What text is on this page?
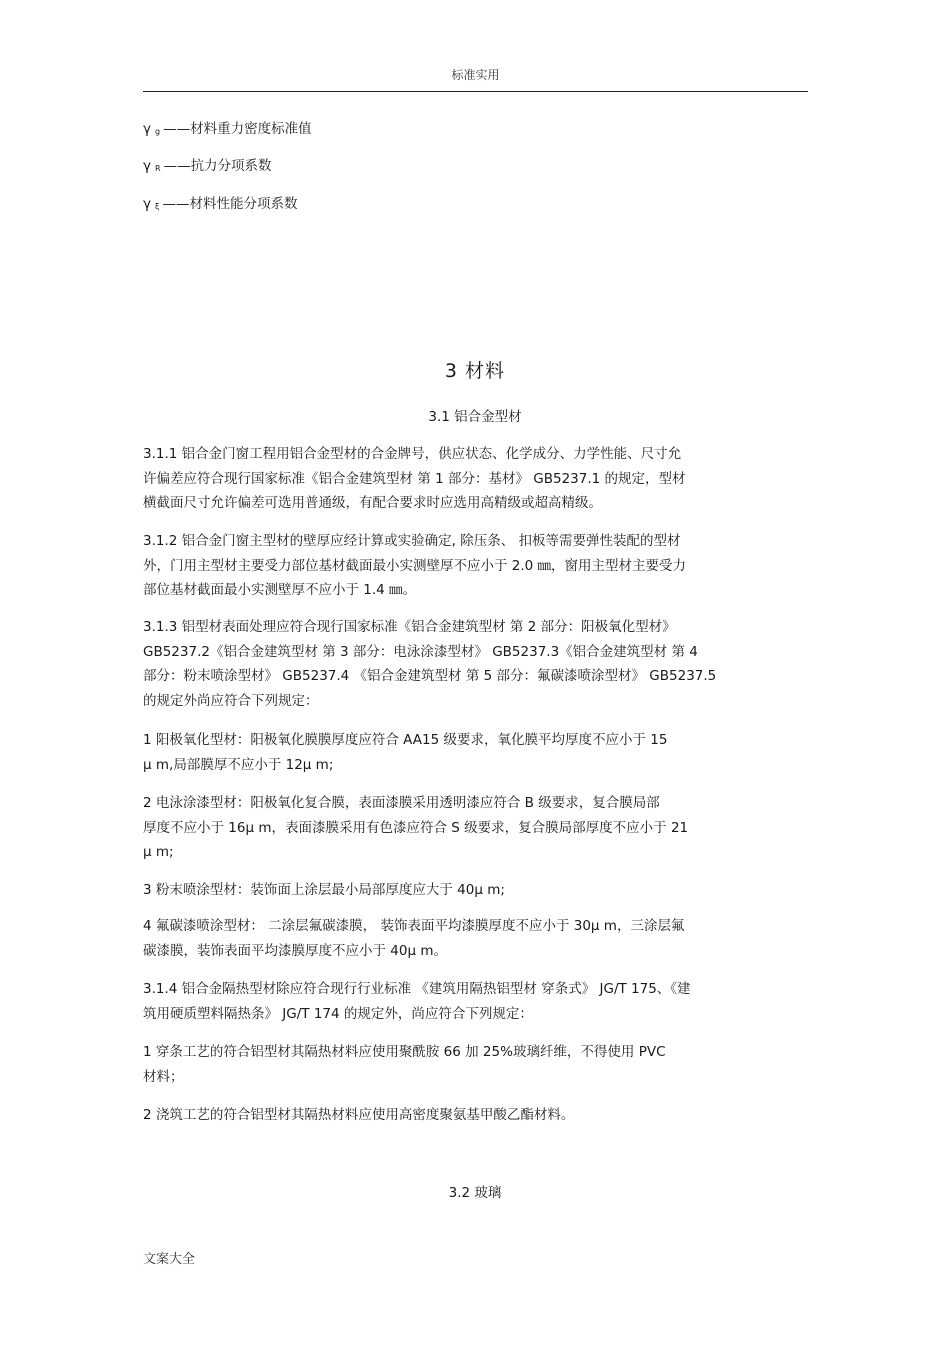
标准实用
γg ——材料重力密度标准值
γ R ——抗力分项系数
γξ ——材料性能分项系数
3 材料
3.1 铝合金型材
3.1.1 铝合金门窗工程用铝合金型材的合金牌号，供应状态、化学成分、力学性能、尺寸允
许偏差应符合现行国家标准《铝合金建筑型材 第 1 部分：基材》 GB5237.1 的规定，型材
横截面尺寸允许偏差可选用普通级，有配合要求时应选用高精级或超高精级。
3.1.2 铝合金门窗主型材的壁厚应经计算或实验确定, 除压条、 扣板等需要弹性装配的型材
外，门用主型材主要受力部位基材截面最小实测壁厚不应小于 2.0 ㎜，窗用主型材主要受力
部位基材截面最小实测壁厚不应小于 1.4 ㎜。
3.1.3 铝型材表面处理应符合现行国家标准《铝合金建筑型材 第 2 部分：阳极氧化型材》
GB5237.2《铝合金建筑型材 第 3 部分：电泳涂漆型材》 GB5237.3《铝合金建筑型材 第 4
部分：粉末喷涂型材》 GB5237.4 《铝合金建筑型材 第 5 部分：氟碳漆喷涂型材》 GB5237.5
的规定外尚应符合下列规定：
1 阳极氧化型材：阳极氧化膜膜厚度应符合 AA15 级要求，氧化膜平均厚度不应小于 15
μ m,局部膜厚不应小于 12μ m;
2 电泳涂漆型材：阳极氧化复合膜，表面漆膜采用透明漆应符合 B 级要求，复合膜局部
厚度不应小于 16μ m，表面漆膜采用有色漆应符合 S 级要求，复合膜局部厚度不应小于 21
μ m;
3 粉末喷涂型材：装饰面上涂层最小局部厚度应大于 40μ m;
4 氟碳漆喷涂型材： 二涂层氟碳漆膜， 装饰表面平均漆膜厚度不应小于 30μ m，三涂层氟
碳漆膜，装饰表面平均漆膜厚度不应小于 40μ m。
3.1.4 铝合金隔热型材除应符合现行行业标准 《建筑用隔热铝型材 穿条式》 JG/T 175、《建
筑用硬质塑料隔热条》 JG/T 174 的规定外，尚应符合下列规定：
1 穿条工艺的符合铝型材其隔热材料应使用聚酰胺 66 加 25%玻璃纤维，不得使用 PVC
材料；
2 浇筑工艺的符合铝型材其隔热材料应使用高密度聚氨基甲酸乙酯材料。
3.2 玻璃
文案大全
